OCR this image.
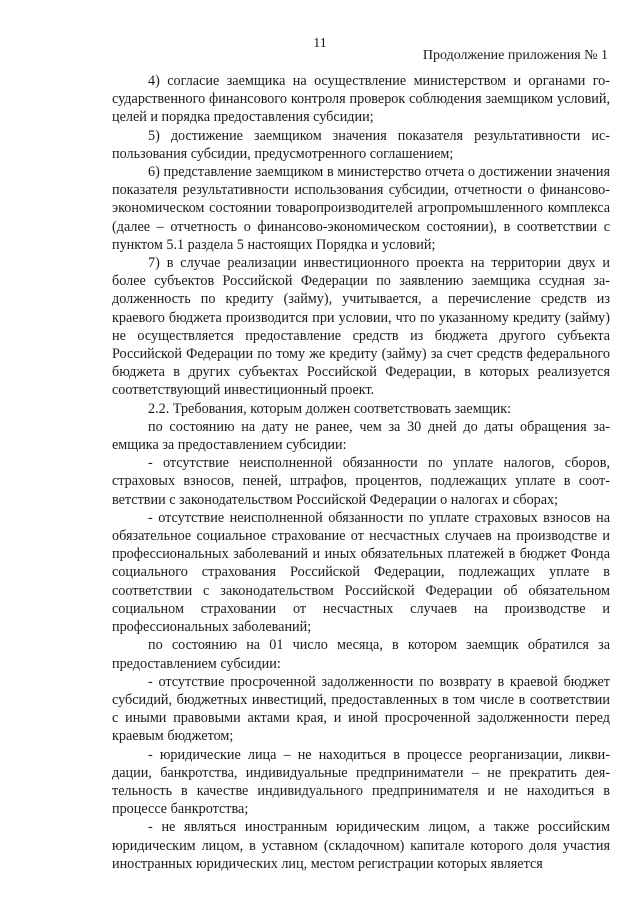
11
Продолжение приложения № 1

4) согласие заемщика на осуществление министерством и органами государственного финансового контроля проверок соблюдения заемщиком условий, целей и порядка предоставления субсидии;

5) достижение заемщиком значения показателя результативности использования субсидии, предусмотренного соглашением;

6) представление заемщиком в министерство отчета о достижении значения показателя результативности использования субсидии, отчетности о финансово-экономическом состоянии товаропроизводителей агропромышленного комплекса (далее – отчетность о финансово-экономическом состоянии), в соответствии с пунктом 5.1 раздела 5 настоящих Порядка и условий;

7) в случае реализации инвестиционного проекта на территории двух и более субъектов Российской Федерации по заявлению заемщика ссудная задолженность по кредиту (займу), учитывается, а перечисление средств из краевого бюджета производится при условии, что по указанному кредиту (займу) не осуществляется предоставление средств из бюджета другого субъекта Российской Федерации по тому же кредиту (займу) за счет средств федерального бюджета в других субъектах Российской Федерации, в которых реализуется соответствующий инвестиционный проект.

2.2. Требования, которым должен соответствовать заемщик:

по состоянию на дату не ранее, чем за 30 дней до даты обращения заемщика за предоставлением субсидии:

- отсутствие неисполненной обязанности по уплате налогов, сборов, страховых взносов, пеней, штрафов, процентов, подлежащих уплате в соответствии с законодательством Российской Федерации о налогах и сборах;

- отсутствие неисполненной обязанности по уплате страховых взносов на обязательное социальное страхование от несчастных случаев на производстве и профессиональных заболеваний и иных обязательных платежей в бюджет Фонда социального страхования Российской Федерации, подлежащих уплате в соответствии с законодательством Российской Федерации об обязательном социальном страховании от несчастных случаев на производстве и профессиональных заболеваний;

по состоянию на 01 число месяца, в котором заемщик обратился за предоставлением субсидии:

- отсутствие просроченной задолженности по возврату в краевой бюджет субсидий, бюджетных инвестиций, предоставленных в том числе в соответствии с иными правовыми актами края, и иной просроченной задолженности перед краевым бюджетом;

- юридические лица – не находиться в процессе реорганизации, ликвидации, банкротства, индивидуальные предприниматели – не прекратить деятельность в качестве индивидуального предпринимателя и не находиться в процессе банкротства;

- не являться иностранным юридическим лицом, а также российским юридическим лицом, в уставном (складочном) капитале которого доля участия иностранных юридических лиц, местом регистрации которых является
